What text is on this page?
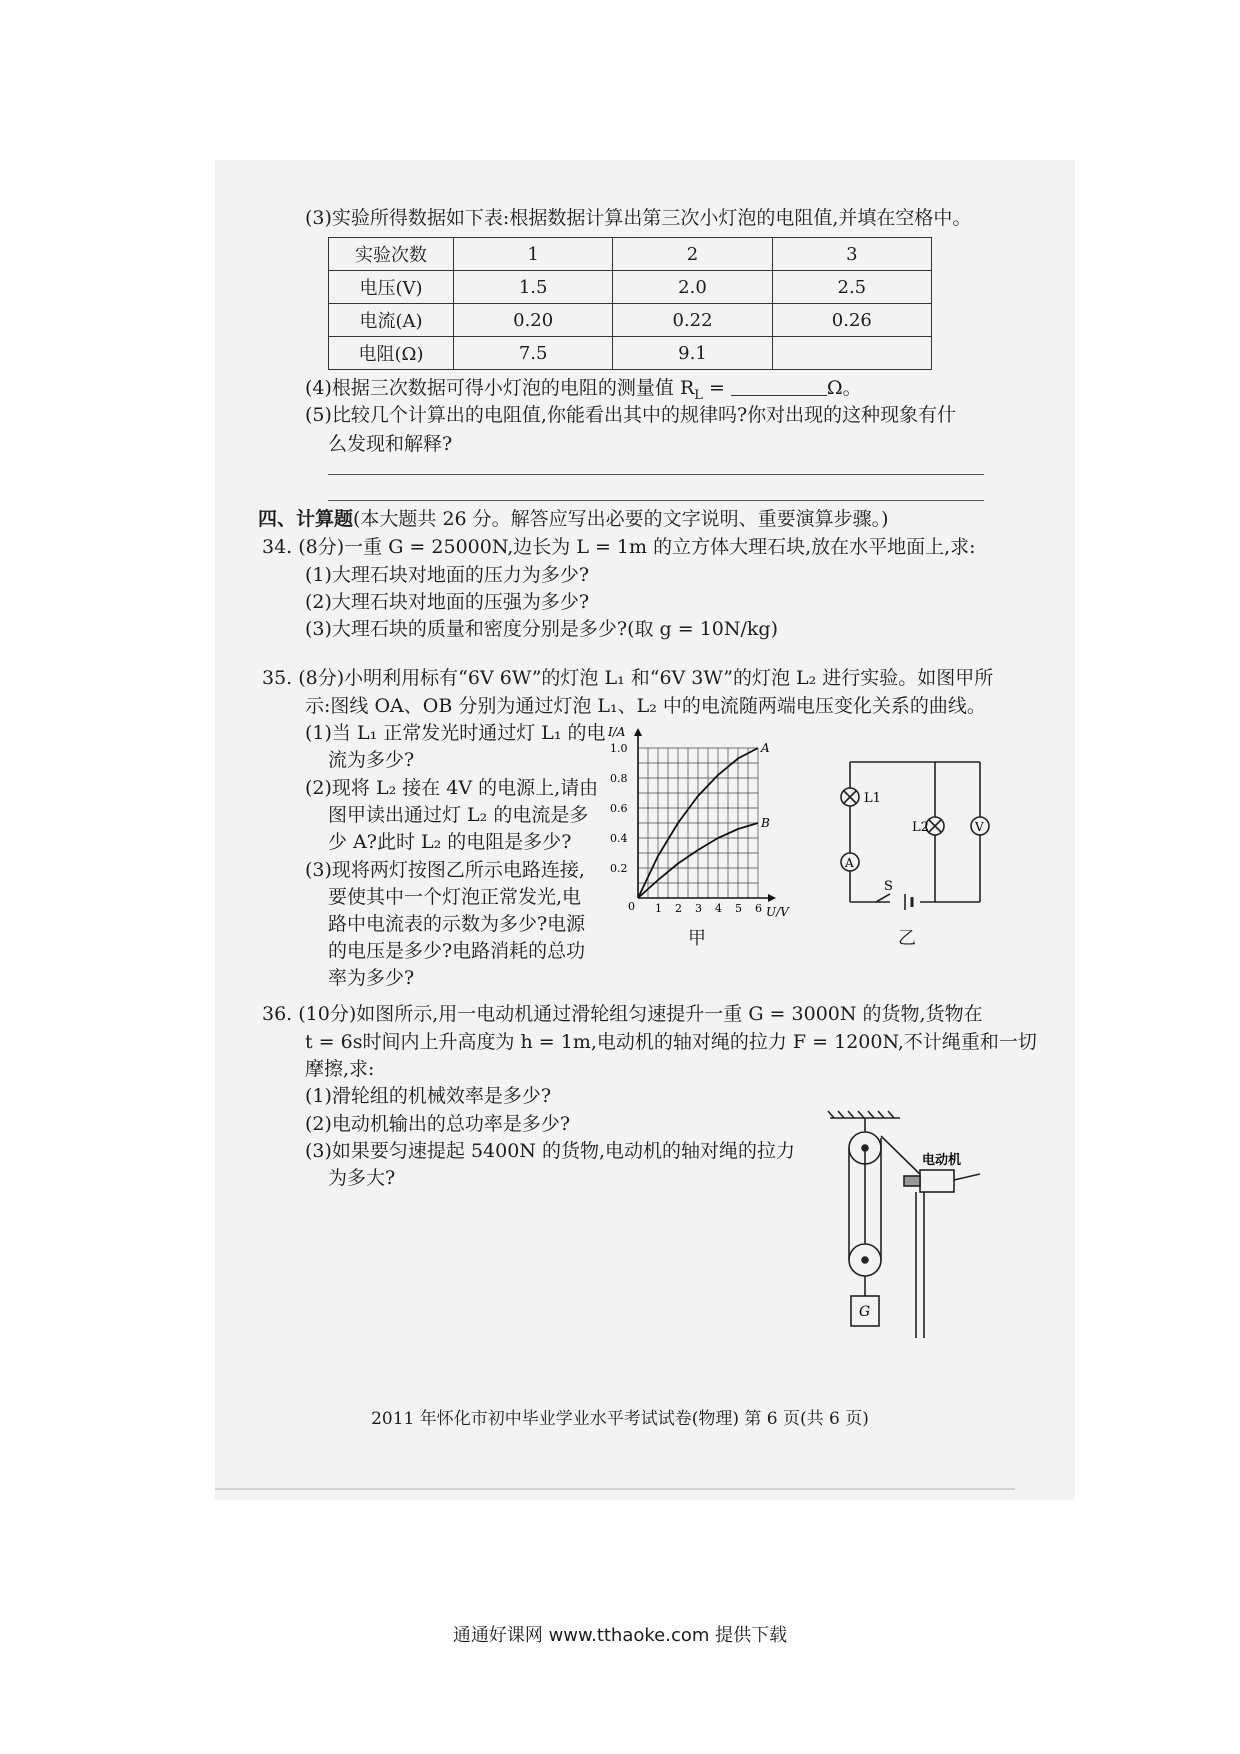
(3)实验所得数据如下表:根据数据计算出第三次小灯泡的电阻值,并填在空格中。
实验次数	1	2	3
电压(V)	1.5	2.0	2.5
电流(A)	0.20	0.22	0.26
电阻(Ω)	7.5	9.1	
(4)根据三次数据可得小灯泡的电阻的测量值 $R_L$ =	Ω。
(5)比较几个计算出的电阻值,你能看出其中的规律吗?你对出现的这种现象有什
么发现和解释?
四、计算题(本大题共 26 分。解答应写出必要的文字说明、重要演算步骤。)
34. (8分)一重 G = 25000N,边长为 L = 1m 的立方体大理石块,放在水平地面上,求:
(1)大理石块对地面的压力为多少?
(2)大理石块对地面的压强为多少?
(3)大理石块的质量和密度分别是多少?(取 g = 10N/kg)
35. (8分)小明利用标有“6V 6W”的灯泡 L₁ 和“6V 3W”的灯泡 L₂ 进行实验。如图甲所
示:图线 OA、OB 分别为通过灯泡 L₁、L₂ 中的电流随两端电压变化关系的曲线。
(1)当 L₁ 正常发光时通过灯 L₁ 的电
流为多少?
(2)现将 L₂ 接在 4V 的电源上,请由
图甲读出通过灯 L₂ 的电流是多
少 A?此时 L₂ 的电阻是多少?
(3)现将两灯按图乙所示电路连接,
要使其中一个灯泡正常发光,电
路中电流表的示数为多少?电源
的电压是多少?电路消耗的总功
率为多少?
I/A
U/V
A
B
1 2 3 4 5 6
0.2
0.4
0.6
0.8
1.0
0
甲
L1
L2	V
A
S
乙
36. (10分)如图所示,用一电动机通过滑轮组匀速提升一重 G = 3000N 的货物,货物在
t = 6s时间内上升高度为 h = 1m,电动机的轴对绳的拉力 F = 1200N,不计绳重和一切
摩擦,求:
(1)滑轮组的机械效率是多少?
(2)电动机输出的总功率是多少?
(3)如果要匀速提起 5400N 的货物,电动机的轴对绳的拉力
为多大?
电动机
G
2011 年怀化市初中毕业学业水平考试试卷(物理) 第 6 页(共 6 页)
通通好课网 www.tthaoke.com 提供下载
